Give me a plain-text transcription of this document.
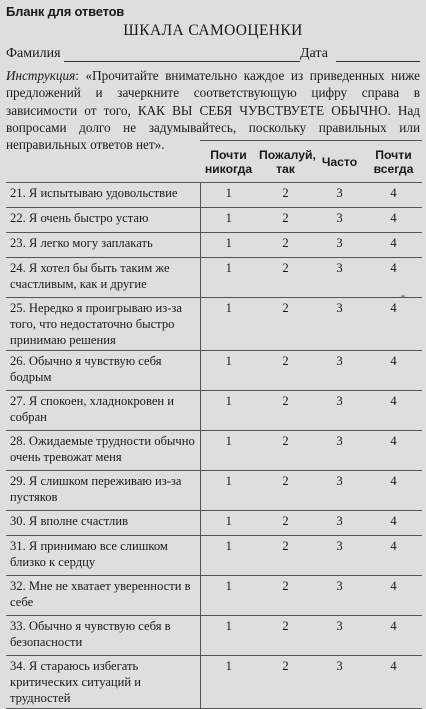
Бланк для ответов
ШКАЛА САМООЦЕНКИ
Фамилия	Дата

Инструкция: «Прочитайте внимательно каждое из приведенных ниже предложений и зачеркните соответствующую цифру справа в зависимости от того, КАК ВЫ СЕБЯ ЧУВСТВУЕТЕ ОБЫЧНО. Над вопросами долго не задумывайтесь, поскольку правильных или неправильных ответов нет».

	Почти никогда	Пожалуй, так	Часто	Почти всегда
21. Я испытываю удовольствие	1	2	3	4
22. Я очень быстро устаю	1	2	3	4
23. Я легко могу заплакать	1	2	3	4
24. Я хотел бы быть таким же счастливым, как и другие	1	2	3	4
25. Нередко я проигрываю из-за того, что недостаточно быстро принимаю решения	1	2	3	4
26. Обычно я чувствую себя бодрым	1	2	3	4
27. Я спокоен, хладнокровен и собран	1	2	3	4
28. Ожидаемые трудности обычно очень тревожат меня	1	2	3	4
29. Я слишком переживаю из-за пустяков	1	2	3	4
30. Я вполне счастлив	1	2	3	4
31. Я принимаю все слишком близко к сердцу	1	2	3	4
32. Мне не хватает уверенности в себе	1	2	3	4
33. Обычно я чувствую себя в безопасности	1	2	3	4
34. Я стараюсь избегать критических ситуаций и трудностей	1	2	3	4
-
